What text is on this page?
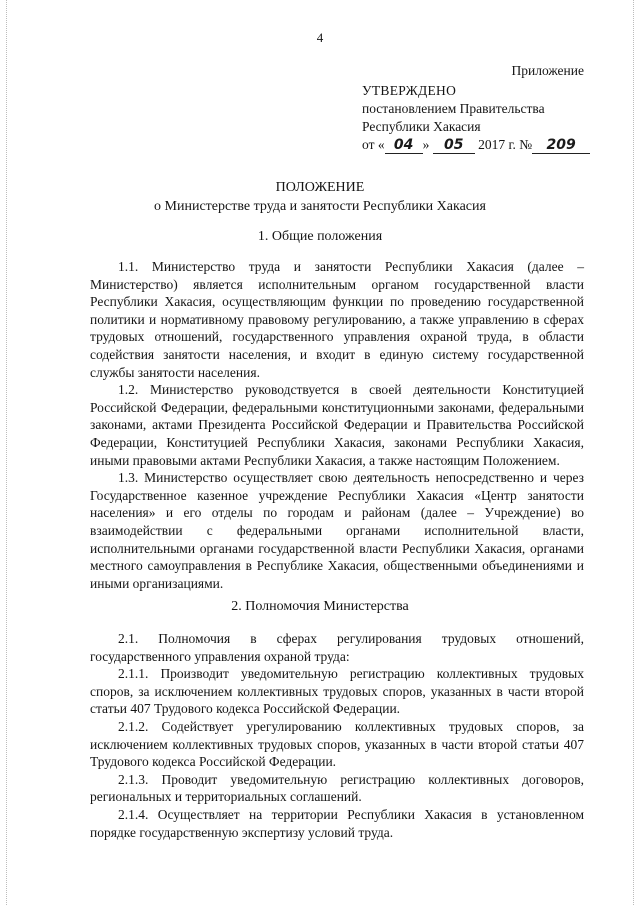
4
Приложение
УТВЕРЖДЕНО
постановлением Правительства
Республики Хакасия
от « 04 » 05 2017 г. № 209
ПОЛОЖЕНИЕ
о Министерстве труда и занятости Республики Хакасия
1. Общие положения

1.1. Министерство труда и занятости Республики Хакасия (далее – Министерство) является исполнительным органом государственной власти Республики Хакасия, осуществляющим функции по проведению государственной политики и нормативному правовому регулированию, а также управлению в сферах трудовых отношений, государственного управления охраной труда, в области содействия занятости населения, и входит в единую систему государственной службы занятости населения.

1.2. Министерство руководствуется в своей деятельности Конституцией Российской Федерации, федеральными конституционными законами, федеральными законами, актами Президента Российской Федерации и Правительства Российской Федерации, Конституцией Республики Хакасия, законами Республики Хакасия, иными правовыми актами Республики Хакасия, а также настоящим Положением.

1.3. Министерство осуществляет свою деятельность непосредственно и через Государственное казенное учреждение Республики Хакасия «Центр занятости населения» и его отделы по городам и районам (далее – Учреждение) во взаимодействии с федеральными органами исполнительной власти, исполнительными органами государственной власти Республики Хакасия, органами местного самоуправления в Республике Хакасия, общественными объединениями и иными организациями.

2. Полномочия Министерства

2.1. Полномочия в сферах регулирования трудовых отношений, государственного управления охраной труда:

2.1.1. Производит уведомительную регистрацию коллективных трудовых споров, за исключением коллективных трудовых споров, указанных в части второй статьи 407 Трудового кодекса Российской Федерации.

2.1.2. Содействует урегулированию коллективных трудовых споров, за исключением коллективных трудовых споров, указанных в части второй статьи 407 Трудового кодекса Российской Федерации.

2.1.3. Проводит уведомительную регистрацию коллективных договоров, региональных и территориальных соглашений.

2.1.4. Осуществляет на территории Республики Хакасия в установленном порядке государственную экспертизу условий труда.
